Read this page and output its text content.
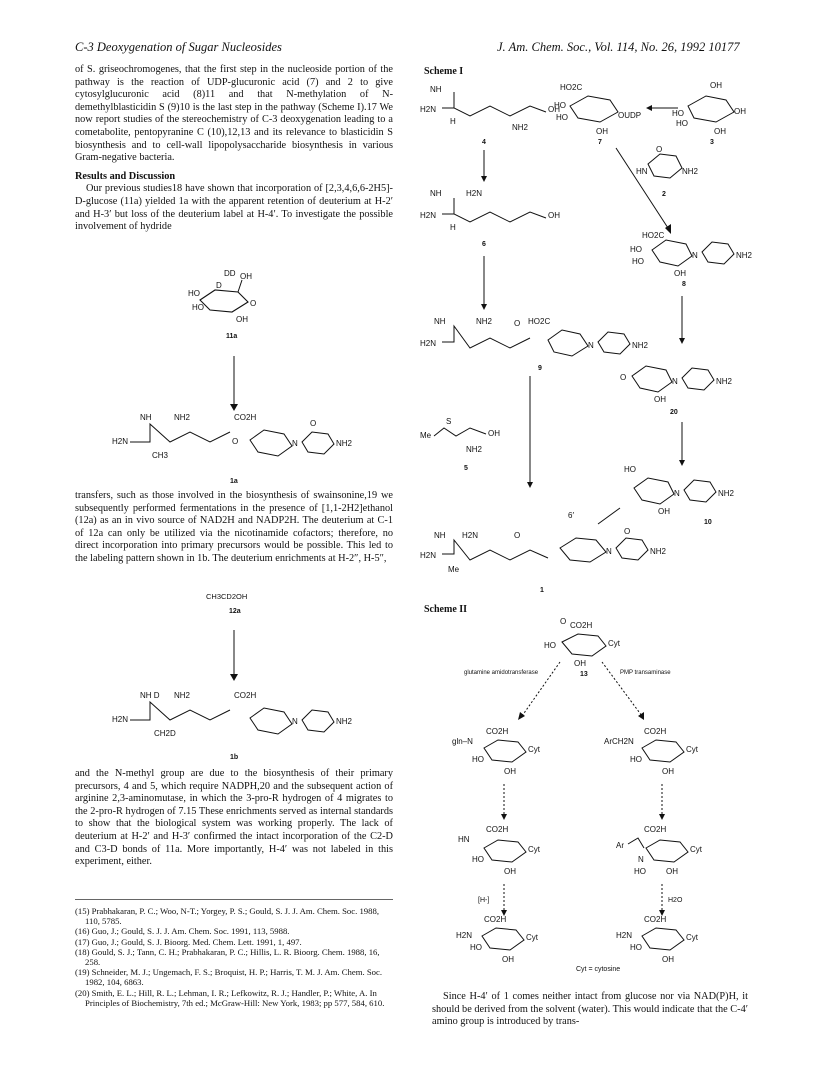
C-3 Deoxygenation of Sugar Nucleosides	J. Am. Chem. Soc., Vol. 114, No. 26, 1992 10177

of S. griseochromogenes, that the first step in the nucleoside portion of the pathway is the reaction of UDP-glucuronic acid (7) and 2 to give cytosylglucuronic acid (8)11 and that N-methylation of N-demethylblasticidin S (9)10 is the last step in the pathway (Scheme I).17 We now report studies of the stereochemistry of C-3 deoxygenation leading to a cometabolite, pentopyranine C (10),12,13 and its relevance to blasticidin S biosynthesis and to cell-wall lipopolysaccharide biosynthesis in various Gram-negative bacteria.

Results and Discussion

Our previous studies18 have shown that incorporation of [2,3,4,6,6-2H5]-D-glucose (11a) yielded 1a with the apparent retention of deuterium at H-2′ and H-3′ but loss of the deuterium label at H-4′. To investigate the possible involvement of hydride

HO
HO
OH
OH
DD
D
O
11a
H2N
NH	NH2
CH3
CO2H
O	N	NH2
O
1a

transfers, such as those involved in the biosynthesis of swainsonine,19 we subsequently performed fermentations in the presence of [1,1-2H2]ethanol (12a) as an in vivo source of NAD2H and NADP2H. The deuterium at C-1 of 12a can only be utilized via the nicotinamide cofactors; therefore, no direct incorporation into primary precursors would be possible. This led to the labeling pattern shown in 1b. The deuterium enrichments at H-2″, H-5″,

CH3CD2OH
12a
H2N
NH D NH2
CH2D
CO2H
N	NH2
1b

and the N-methyl group are due to the biosynthesis of their primary precursors, 4 and 5, which require NADPH,20 and the subsequent action of arginine 2,3-aminomutase, in which the 3-pro-R hydrogen of 4 migrates to the 2-pro-R hydrogen of 7.15 These enrichments served as internal standards to show that the biological system was working properly. The lack of deuterium at H-2′ and H-3′ confirmed the intact incorporation of the C2-D and C3-D bonds of 11a. More importantly, H-4′ was not labeled in this experiment, either.

(15) Prabhakaran, P. C.; Woo, N-T.; Yorgey, P. S.; Gould, S. J. J. Am. Chem. Soc. 1988, 110, 5785.
(16) Guo, J.; Gould, S. J. J. Am. Chem. Soc. 1991, 113, 5988.
(17) Guo, J.; Gould, S. J. Bioorg. Med. Chem. Lett. 1991, 1, 497.
(18) Gould, S. J.; Tann, C. H.; Prabhakaran, P. C.; Hillis, L. R. Bioorg. Chem. 1988, 16, 258.
(19) Schneider, M. J.; Ungemach, F. S.; Broquist, H. P.; Harris, T. M. J. Am. Chem. Soc. 1982, 104, 6863.
(20) Smith, E. L.; Hill, R. L.; Lehman, I. R.; Lefkowitz, R. J.; Handler, P.; White, A. In Principles of Biochemistry, 7th ed.; McGraw-Hill: New York, 1983; pp 577, 584, 610.
Scheme I
NH
H2N
H
OH
NH2
4
HO2C
HO
HO
OH
OUDP
7
OH
HO
HO
OH
OH
3
O
HN	NH2
2
NH	H2N
H2N
H
OH
6
HO2C
HO
HO
OH
N	NH2
8
NH	NH2
H2N
O HO2C
N	NH2
9
O
OH
N	NH2
20
Me
S
OH
NH2
5	HO
OH
N	NH2
10
NH H2N
H2N
Me
O
6′
N	NH2
O
1
Scheme II
O CO2H
HO
OH
Cyt
13
glutamine amidotransferase	PMP transaminase
gln–N
CO2H
HO
OH
Cyt
ArCH2N
CO2H
HO
OH
Cyt
HN
CO2H
HO
OH
Cyt	Ar
CO2H
N
HO	OH
Cyt
[H-]	H2O
CO2H
H2N
HO
OH
Cyt
CO2H
H2N
HO
OH
Cyt
Cyt = cytosine
Since H-4′ of 1 comes neither intact from glucose nor via NAD(P)H, it should be derived from the solvent (water). This would indicate that the C-4′ amino group is introduced by trans-
